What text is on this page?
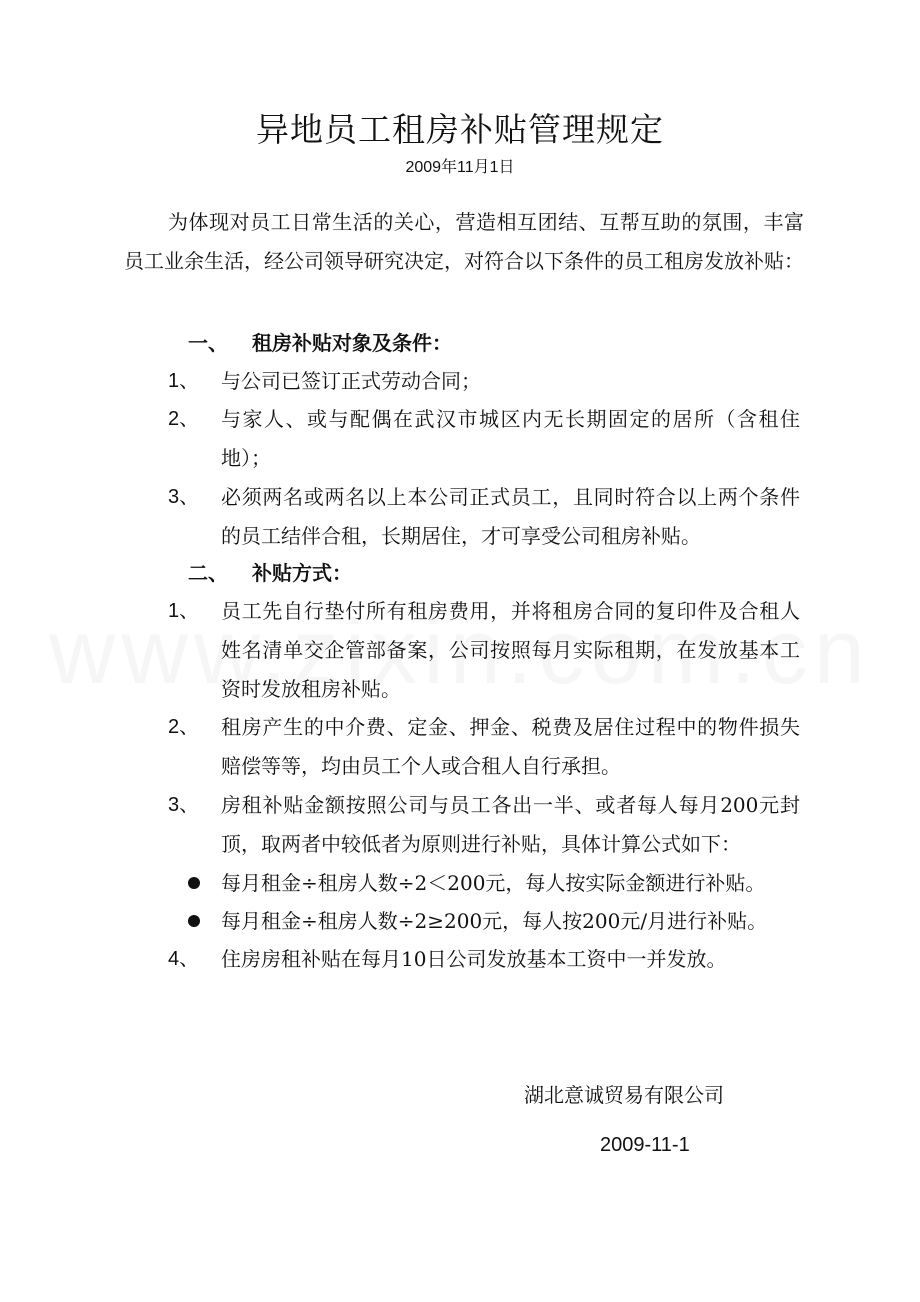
异地员工租房补贴管理规定
2009年11月1日
为体现对员工日常生活的关心，营造相互团结、互帮互助的氛围，丰富员工业余生活，经公司领导研究决定，对符合以下条件的员工租房发放补贴：
一、 租房补贴对象及条件：
1、 与公司已签订正式劳动合同；
2、 与家人、或与配偶在武汉市城区内无长期固定的居所（含租住地）；
3、 必须两名或两名以上本公司正式员工，且同时符合以上两个条件的员工结伴合租，长期居住，才可享受公司租房补贴。
二、 补贴方式：
1、 员工先自行垫付所有租房费用，并将租房合同的复印件及合租人姓名清单交企管部备案，公司按照每月实际租期，在发放基本工资时发放租房补贴。
2、 租房产生的中介费、定金、押金、税费及居住过程中的物件损失赔偿等等，均由员工个人或合租人自行承担。
3、 房租补贴金额按照公司与员工各出一半、或者每人每月200元封顶，取两者中较低者为原则进行补贴，具体计算公式如下：
每月租金÷租房人数÷2＜200元，每人按实际金额进行补贴。
每月租金÷租房人数÷2≥200元，每人按200元/月进行补贴。
4、 住房房租补贴在每月10日公司发放基本工资中一并发放。
湖北意诚贸易有限公司
2009-11-1
